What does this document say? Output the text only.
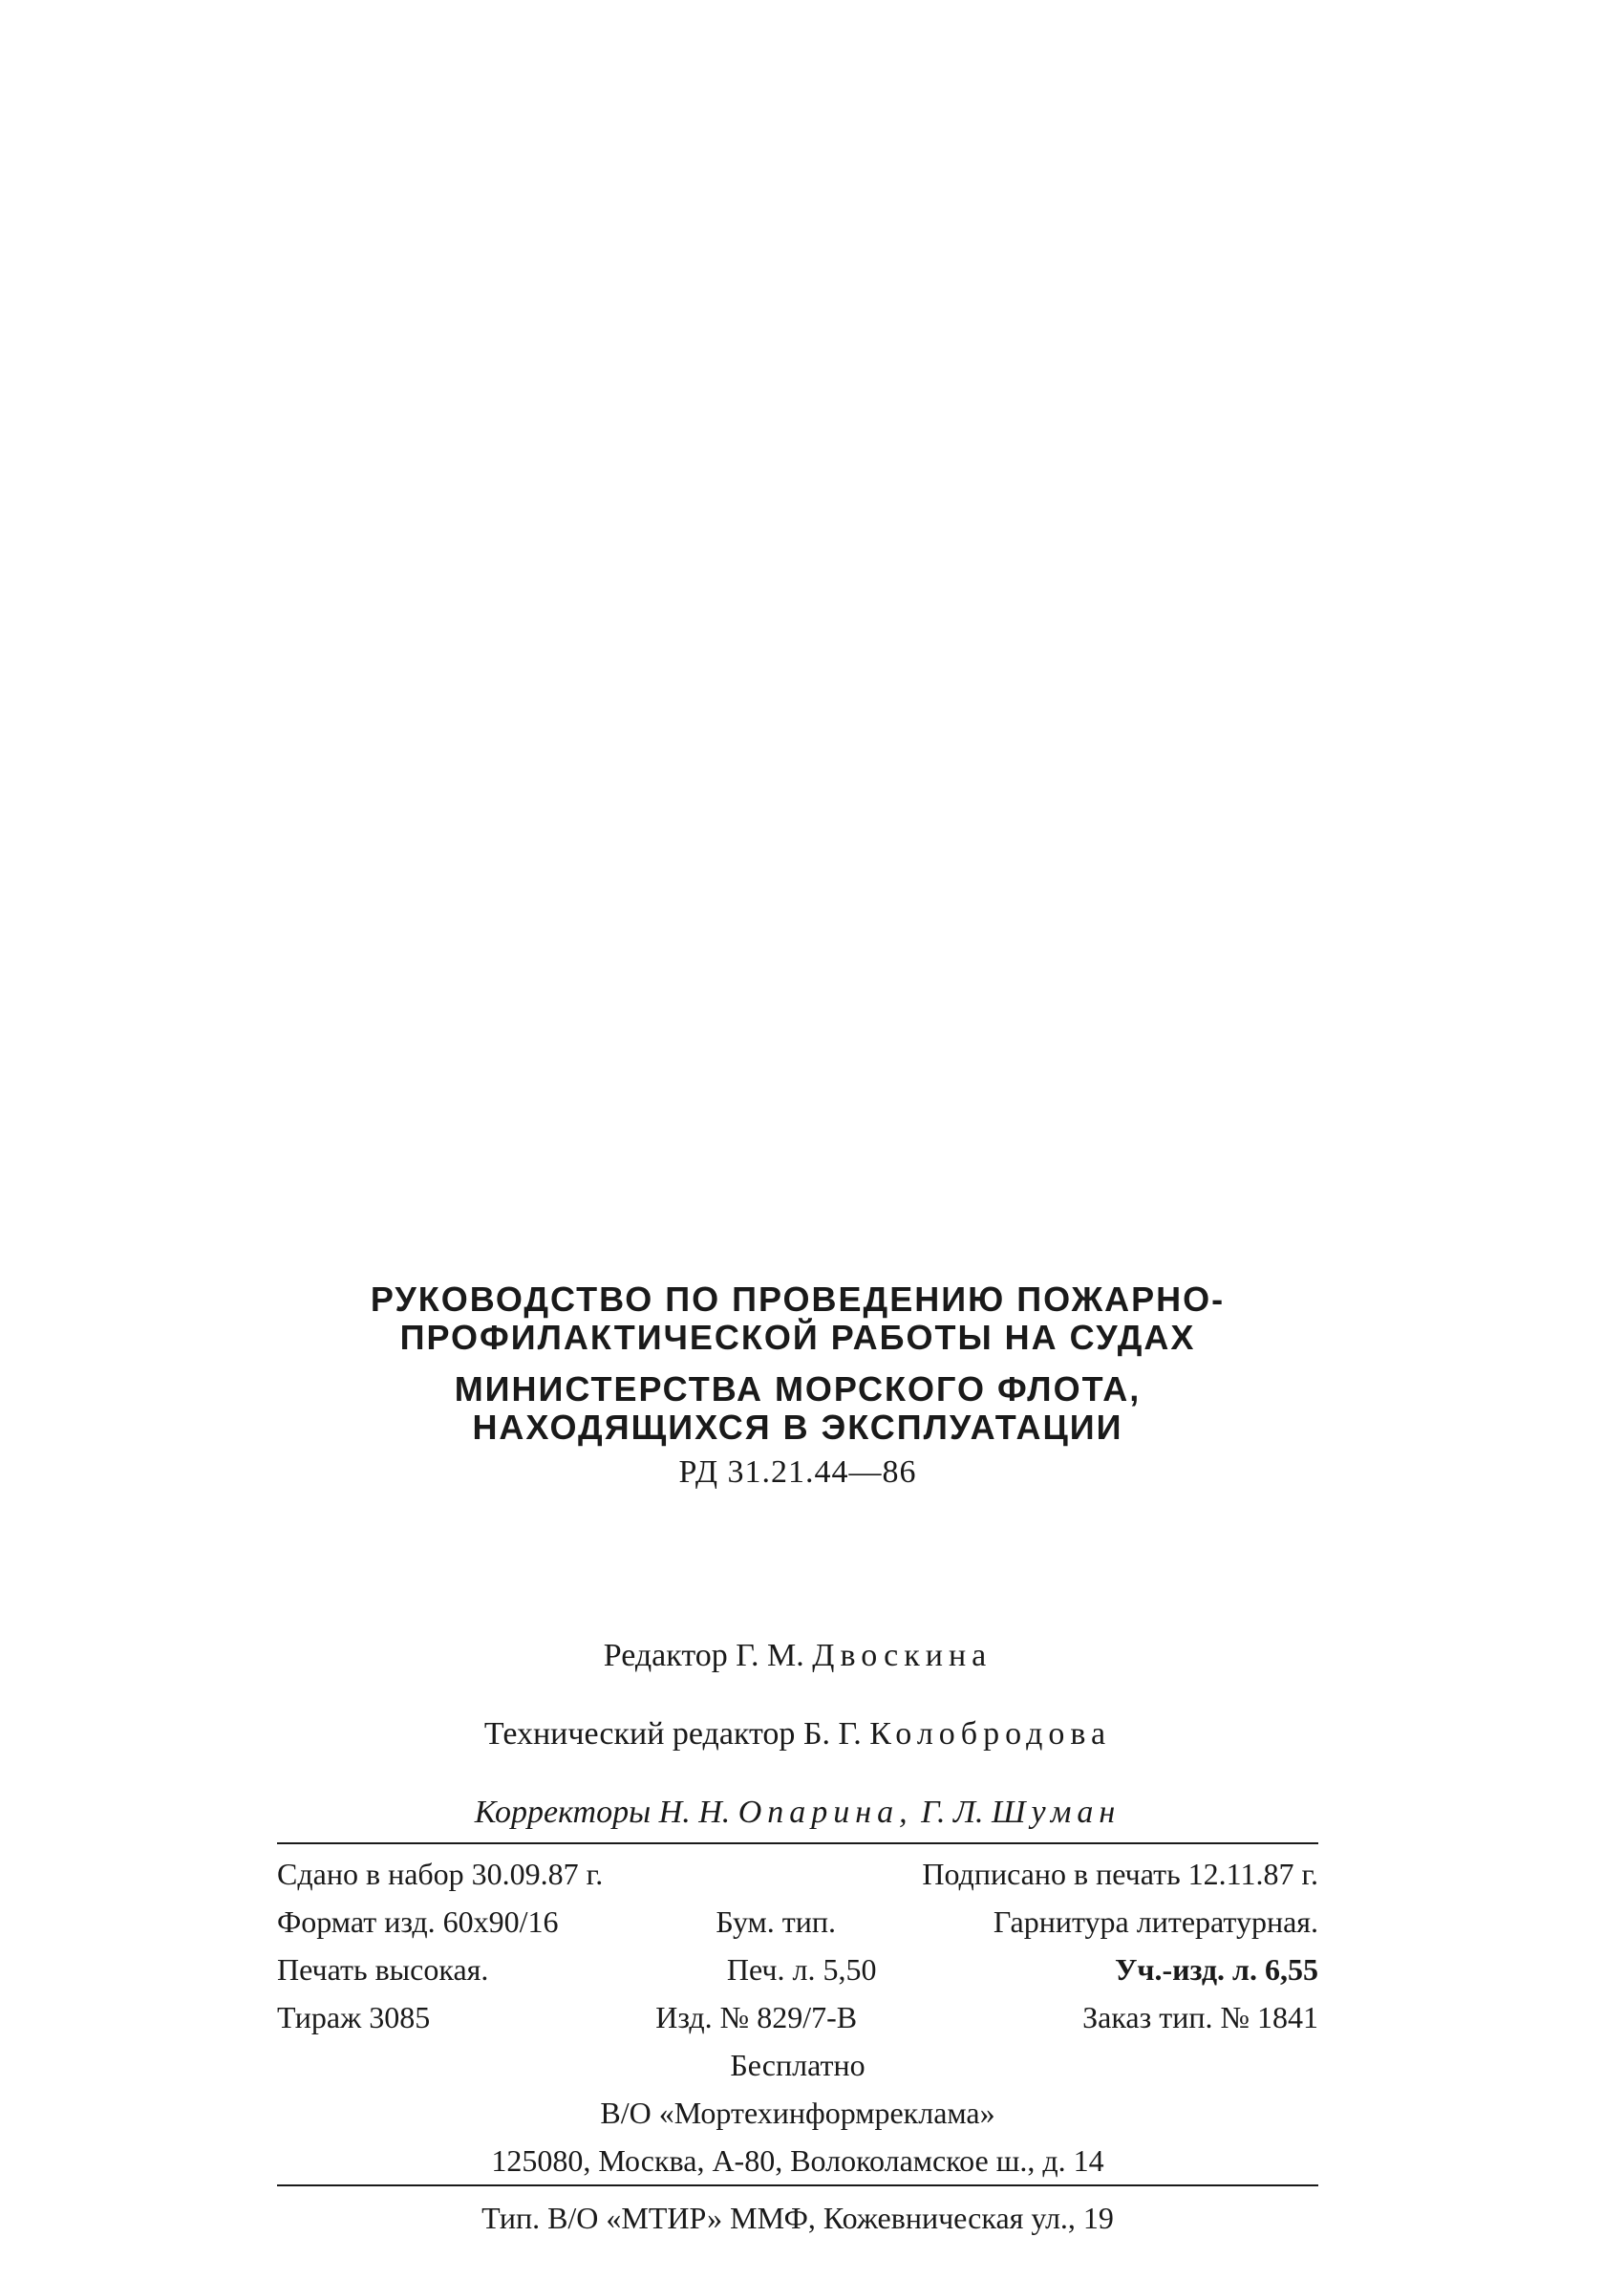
РУКОВОДСТВО ПО ПРОВЕДЕНИЮ ПОЖАРНО-
ПРОФИЛАКТИЧЕСКОЙ РАБОТЫ НА СУДАХ
МИНИСТЕРСТВА МОРСКОГО ФЛОТА,
НАХОДЯЩИХСЯ В ЭКСПЛУАТАЦИИ
РД 31.21.44—86
Редактор Г. М. Двоскина
Технический редактор Б. Г. Колобродова
Корректоры Н. Н. Опарина, Г. Л. Шуман
Сдано в набор 30.09.87 г.	Подписано в печать 12.11.87 г.
Формат изд. 60х90/16	Бум. тип.	Гарнитура литературная.
Печать высокая.	Печ. л. 5,50	Уч.-изд. л. 6,55
Тираж 3085	Изд. № 829/7-В	Заказ тип. № 1841
Бесплатно
В/О «Мортехинформреклама»
125080, Москва, А-80, Волоколамское ш., д. 14
Тип. В/О «МТИР» ММФ, Кожевническая ул., 19
